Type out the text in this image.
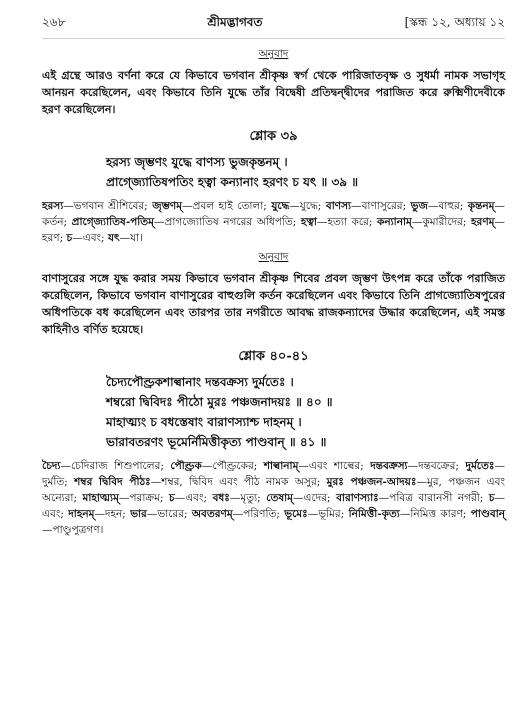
২৬৮	শ্রীমদ্ভাগবত	[স্কন্ধ ১২, অধ্যায় ১২
অনুবাদ

এই গ্রন্থে আরও বর্ণনা করে যে কিভাবে ভগবান শ্রীকৃষ্ণ স্বর্গ থেকে পারিজাতবৃক্ষ ও সুধর্মা নামক সভাগৃহ আনয়ন করেছিলেন, এবং কিভাবে তিনি যুদ্ধে তাঁর বিদ্বেষী প্রতিদ্বন্দ্বীদের পরাজিত করে রুক্মিণীদেবীকে হরণ করেছিলেন।

শ্লোক ৩৯
হরস্য জৃম্ভণং যুদ্ধে বাণস্য ভুজকৃন্তনম্ ।
প্রাগ্জ্যোতিষপতিং হত্বা কন্যানাং হরণং চ যৎ ॥ ৩৯ ॥
হরস্য—ভগবান শ্রীশিবের; জৃম্ভণম্—প্রবল হাই তোলা; যুদ্ধে—যুদ্ধে; বাণস্য—বাণাসুরের; ভুজ—বাহুর; কৃন্তনম্—কর্তন; প্রাগ্জ্যোতিষ-পতিম্—প্রাগজ্যোতিষ নগরের অধিপতি; হত্বা—হত্যা করে; কন্যানাম্—কুমারীদের; হরণম্—হরণ; চ—এবং; যৎ—যা।
অনুবাদ

বাণাসুরের সঙ্গে যুদ্ধ করার সময় কিভাবে ভগবান শ্রীকৃষ্ণ শিবের প্রবল জৃম্ভণ উৎপন্ন করে তাঁকে পরাজিত করেছিলেন, কিভাবে ভগবান বাণাসুরের বাহুগুলি কর্তন করেছিলেন এবং কিভাবে তিনি প্রাগজ্যোতিষপুরের অধিপতিকে বধ করেছিলেন এবং তারপর তার নগরীতে আবদ্ধ রাজকন্যাদের উদ্ধার করেছিলেন, এই সমস্ত কাহিনীও বর্ণিত হয়েছে।

শ্লোক ৪০-৪১
চৈদ্যপৌণ্ড্রকশাল্বানাং দন্তবক্রস্য দুর্মতেঃ ।
শম্বরো দ্বিবিদঃ পীঠো মুরঃ পঞ্চজনাদয়ঃ ॥ ৪০ ॥
মাহাত্ম্যং চ বধস্তেষাং বারাণস্যাশ্চ দাহনম্ ।
ভারাবতরণং ভূমের্নিমিত্তীকৃত্য পাণ্ডবান্ ॥ ৪১ ॥
চৈদ্য—চেদিরাজ শিশুপালের; পৌণ্ড্রক—পৌণ্ড্রকের; শাল্বানাম্—এবং শাল্বের; দন্তবক্রস্য—দন্তবক্রের; দুর্মতেঃ—দুর্মতি; শম্বর দ্বিবিদ পীঠঃ—শম্বর, দ্বিবিদ এবং পীঠ নামক অসুর; মুরঃ পঞ্চজন-আদয়ঃ—মুর, পঞ্চজন এবং অন্যেরা; মাহাত্ম্যম্—পরাক্রম; চ—এবং; বধঃ—মৃত্যু; তেষাম্—এদের; বারাণস্যাঃ—পবিত্র বারানসী নগরী; চ—এবং; দাহনম্—দহন; ভার—ভারের; অবতরণম্—পরিণতি; ভূমেঃ—ভূমির; নিমিত্তী-কৃত্য—নিমিত্ত কারণ; পাণ্ডবান্—পাণ্ডুপুত্রগণ।
